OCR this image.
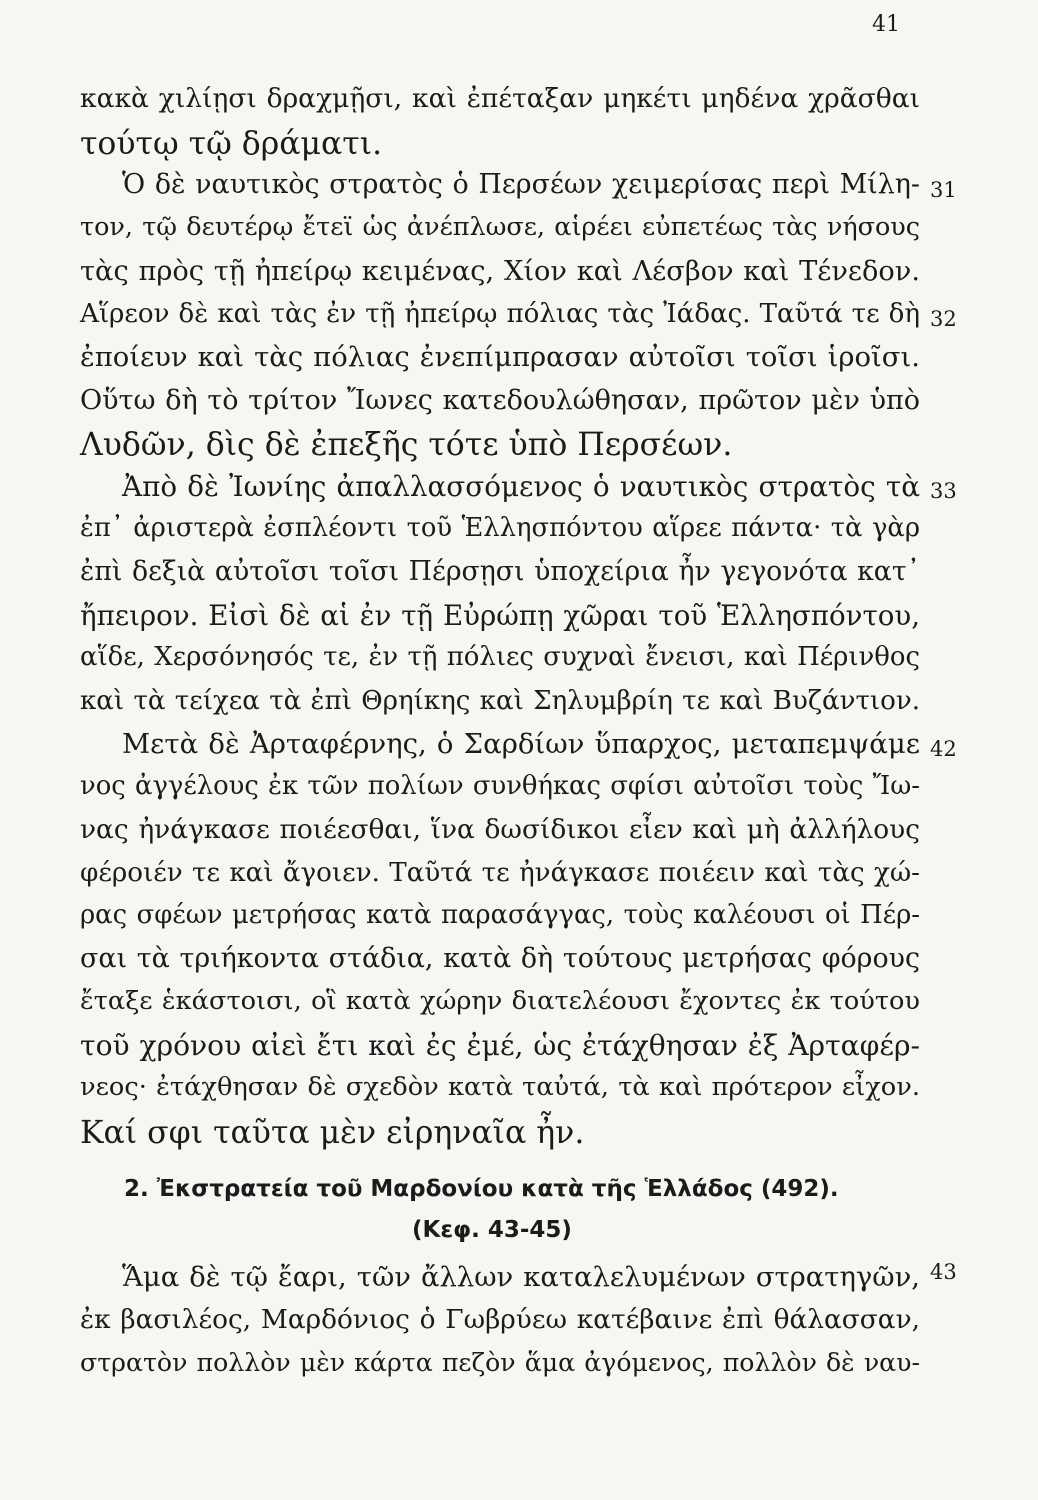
41
κακὰ χιλίῃσι δραχμῇσι, καὶ ἐπέταξαν μηκέτι μηδένα χρᾶσθαι
τούτῳ τῷ δράματι.
Ὁ δὲ ναυτικὸς στρατὸς ὁ Περσέων χειμερίσας περὶ Μίλη-
τον, τῷ δευτέρῳ ἔτεϊ ὡς ἀνέπλωσε, αἱρέει εὐπετέως τὰς νήσους
τὰς πρὸς τῇ ἠπείρῳ κειμένας, Χίον καὶ Λέσβον καὶ Τένεδον.
Αἵρεον δὲ καὶ τὰς ἐν τῇ ἠπείρῳ πόλιας τὰς Ἰάδας. Ταῦτά τε δὴ
ἐποίευν καὶ τὰς πόλιας ἐνεπίμπρασαν αὐτοῖσι τοῖσι ἱροῖσι.
Οὕτω δὴ τὸ τρίτον Ἴωνες κατεδουλώθησαν, πρῶτον μὲν ὑπὸ
Λυδῶν, δὶς δὲ ἐπεξῆς τότε ὑπὸ Περσέων.
Ἀπὸ δὲ Ἰωνίης ἀπαλλασσόμενος ὁ ναυτικὸς στρατὸς τὰ
ἐπ᾽ ἀριστερὰ ἐσπλέοντι τοῦ Ἑλλησπόντου αἵρεε πάντα· τὰ γὰρ
ἐπὶ δεξιὰ αὐτοῖσι τοῖσι Πέρσῃσι ὑποχείρια ἦν γεγονότα κατ᾽
ἤπειρον. Εἰσὶ δὲ αἱ ἐν τῇ Εὐρώπῃ χῶραι τοῦ Ἑλλησπόντου,
αἵδε, Χερσόνησός τε, ἐν τῇ πόλιες συχναὶ ἔνεισι, καὶ Πέρινθος
καὶ τὰ τείχεα τὰ ἐπὶ Θρηίκης καὶ Σηλυμβρίη τε καὶ Βυζάντιον.
Μετὰ δὲ Ἀρταφέρνης, ὁ Σαρδίων ὕπαρχος, μεταπεμψάμε
νος ἀγγέλους ἐκ τῶν πολίων συνθήκας σφίσι αὐτοῖσι τοὺς Ἴω-
νας ἠνάγκασε ποιέεσθαι, ἵνα δωσίδικοι εἶεν καὶ μὴ ἀλλήλους
φέροιέν τε καὶ ἄγοιεν. Ταῦτά τε ἠνάγκασε ποιέειν καὶ τὰς χώ-
ρας σφέων μετρήσας κατὰ παρασάγγας, τοὺς καλέουσι οἱ Πέρ-
σαι τὰ τριήκοντα στάδια, κατὰ δὴ τούτους μετρήσας φόρους
ἔταξε ἑκάστοισι, οἳ κατὰ χώρην διατελέουσι ἔχοντες ἐκ τούτου
τοῦ χρόνου αἰεὶ ἔτι καὶ ἐς ἐμέ, ὡς ἐτάχθησαν ἐξ Ἀρταφέρ-
νεος· ἐτάχθησαν δὲ σχεδὸν κατὰ ταὐτά, τὰ καὶ πρότερον εἶχον.
Καί σφι ταῦτα μὲν εἰρηναῖα ἦν.
2. Ἐκστρατεία τοῦ Μαρδονίου κατὰ τῆς Ἑλλάδος (492).
(Κεφ. 43-45)
Ἅμα δὲ τῷ ἔαρι, τῶν ἄλλων καταλελυμένων στρατηγῶν,
ἐκ βασιλέος, Μαρδόνιος ὁ Γωβρύεω κατέβαινε ἐπὶ θάλασσαν,
στρατὸν πολλὸν μὲν κάρτα πεζὸν ἅμα ἀγόμενος, πολλὸν δὲ ναυ-
31
32
33
42
43
